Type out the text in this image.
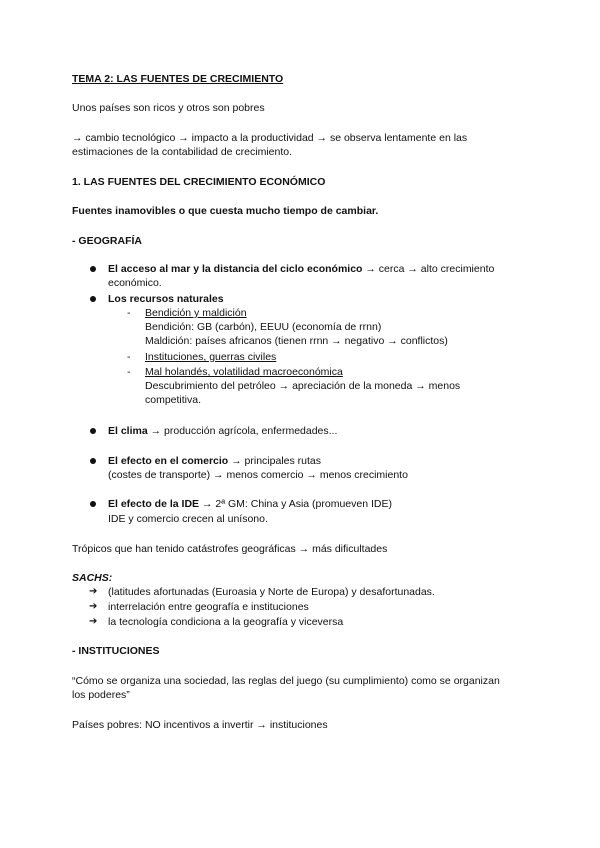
TEMA 2: LAS FUENTES DE CRECIMIENTO
Unos países son ricos y otros son pobres
→ cambio tecnológico → impacto a la productividad → se observa lentamente en las
estimaciones de la contabilidad de crecimiento.
1. LAS FUENTES DEL CRECIMIENTO ECONÓMICO
Fuentes inamovibles o que cuesta mucho tiempo de cambiar.
- GEOGRAFÍA
El acceso al mar y la distancia del ciclo económico → cerca → alto crecimiento
económico.
Los recursos naturales
- Bendición y maldición
Bendición: GB (carbón), EEUU (economía de rrnn)
Maldición: países africanos (tienen rrnn → negativo → conflictos)
- Instituciones, guerras civiles
- Mal holandés, volatilidad macroeconómica
Descubrimiento del petróleo → apreciación de la moneda → menos
competitiva.
El clima → producción agrícola, enfermedades...
El efecto en el comercio → principales rutas
(costes de transporte) → menos comercio → menos crecimiento
El efecto de la IDE → 2ª GM: China y Asia (promueven IDE)
IDE y comercio crecen al unísono.
Trópicos que han tenido catástrofes geográficas → más dificultades
SACHS:
➔ (latitudes afortunadas (Euroasia y Norte de Europa) y desafortunadas.
➔ interrelación entre geografía e instituciones
➔ la tecnología condiciona a la geografía y viceversa
- INSTITUCIONES
“Cómo se organiza una sociedad, las reglas del juego (su cumplimiento) como se organizan
los poderes”
Países pobres: NO incentivos a invertir → instituciones
